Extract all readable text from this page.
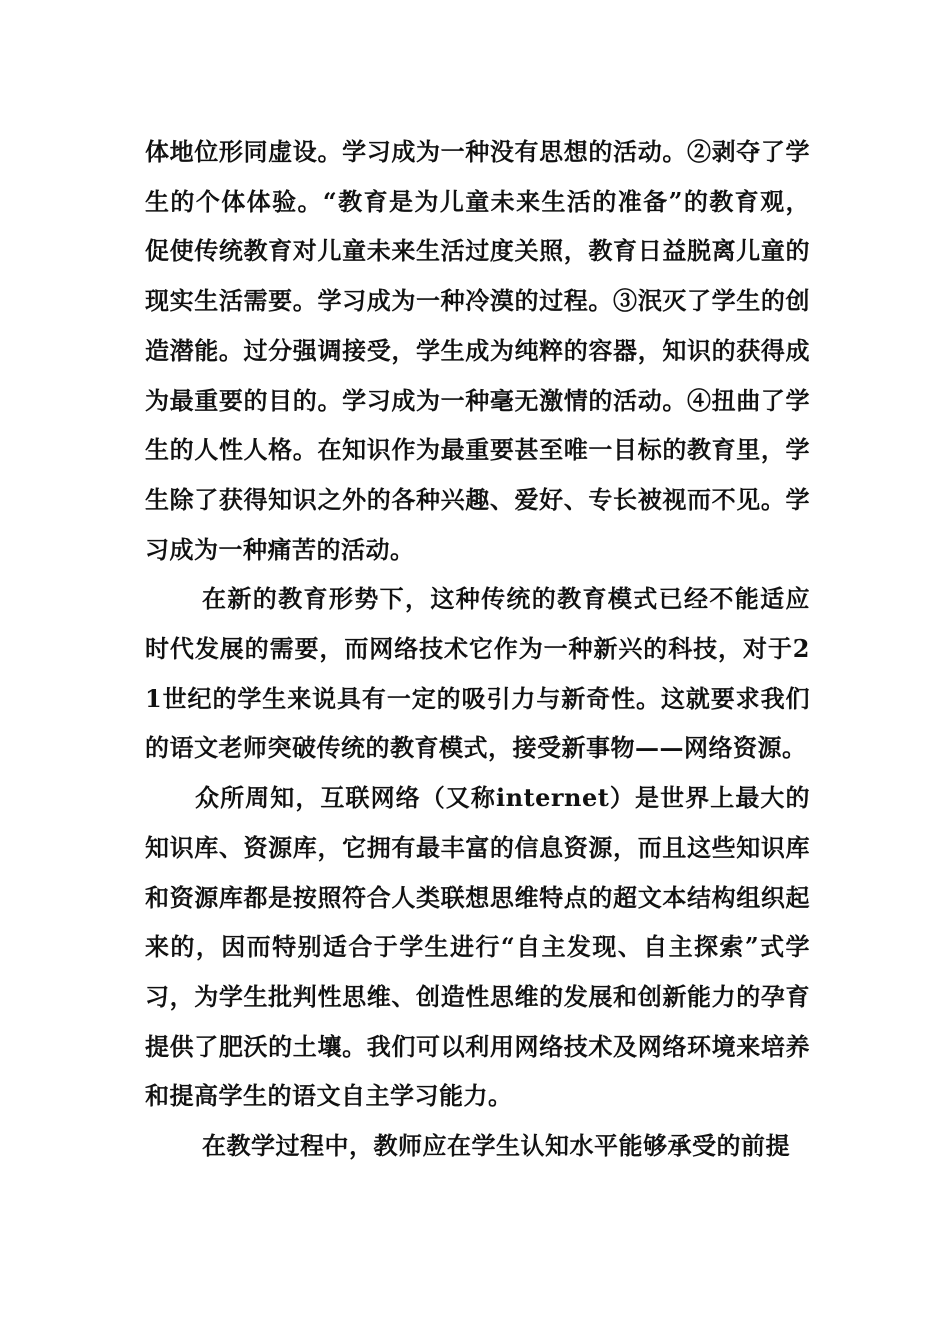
体地位形同虚设。学习成为一种没有思想的活动。②剥夺了学生的个体体验。“教育是为儿童未来生活的准备”的教育观，促使传统教育对儿童未来生活过度关照，教育日益脱离儿童的现实生活需要。学习成为一种冷漠的过程。③泯灭了学生的创造潜能。过分强调接受，学生成为纯粹的容器，知识的获得成为最重要的目的。学习成为一种毫无激情的活动。④扭曲了学生的人性人格。在知识作为最重要甚至唯一目标的教育里，学生除了获得知识之外的各种兴趣、爱好、专长被视而不见。学习成为一种痛苦的活动。

在新的教育形势下，这种传统的教育模式已经不能适应时代发展的需要，而网络技术它作为一种新兴的科技，对于21世纪的学生来说具有一定的吸引力与新奇性。这就要求我们的语文老师突破传统的教育模式，接受新事物——网络资源。

众所周知，互联网络（又称internet）是世界上最大的知识库、资源库，它拥有最丰富的信息资源，而且这些知识库和资源库都是按照符合人类联想思维特点的超文本结构组织起来的，因而特别适合于学生进行“自主发现、自主探索”式学习，为学生批判性思维、创造性思维的发展和创新能力的孕育提供了肥沃的土壤。我们可以利用网络技术及网络环境来培养和提高学生的语文自主学习能力。

在教学过程中，教师应在学生认知水平能够承受的前提
